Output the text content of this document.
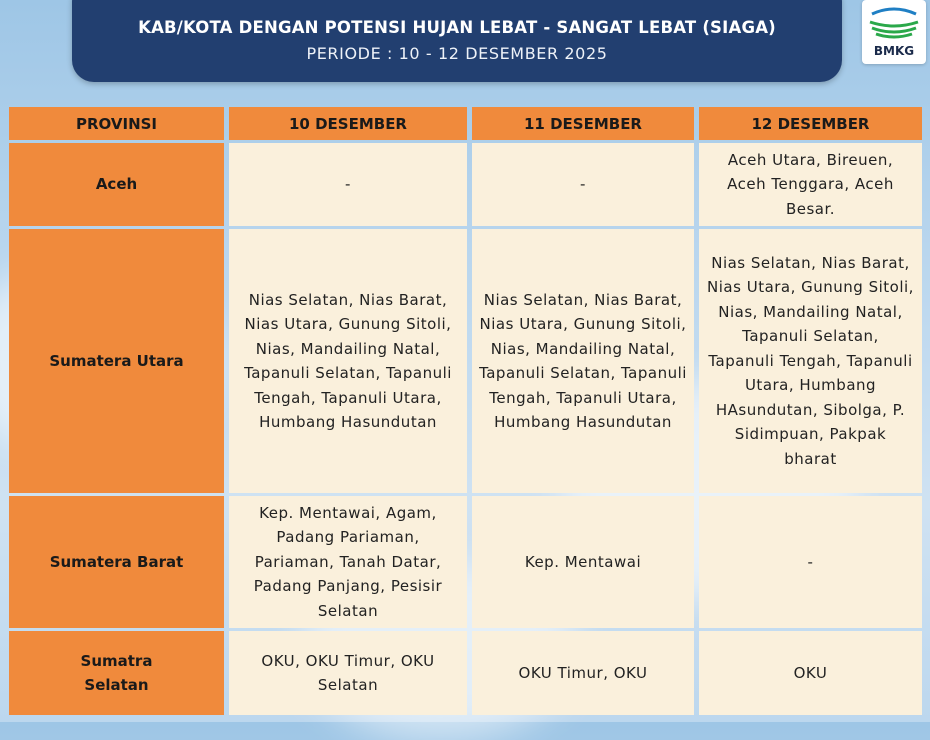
KAB/KOTA DENGAN POTENSI HUJAN LEBAT - SANGAT LEBAT (SIAGA)
PERIODE : 10 - 12 DESEMBER 2025	BMKG
PROVINSI	10 DESEMBER	11 DESEMBER	12 DESEMBER
Aceh	-	-	Aceh Utara, Bireuen, Aceh Tenggara, Aceh Besar.
Sumatera Utara	Nias Selatan, Nias Barat, Nias Utara, Gunung Sitoli, Nias, Mandailing Natal, Tapanuli Selatan, Tapanuli Tengah, Tapanuli Utara, Humbang Hasundutan	Nias Selatan, Nias Barat, Nias Utara, Gunung Sitoli, Nias, Mandailing Natal, Tapanuli Selatan, Tapanuli Tengah, Tapanuli Utara, Humbang Hasundutan	Nias Selatan, Nias Barat, Nias Utara, Gunung Sitoli, Nias, Mandailing Natal, Tapanuli Selatan, Tapanuli Tengah, Tapanuli Utara, Humbang HAsundutan, Sibolga, P. Sidimpuan, Pakpak bharat
Sumatera Barat	Kep. Mentawai, Agam, Padang Pariaman, Pariaman, Tanah Datar, Padang Panjang, Pesisir Selatan	Kep. Mentawai	-
Sumatra Selatan	OKU, OKU Timur, OKU Selatan	OKU Timur, OKU	OKU
